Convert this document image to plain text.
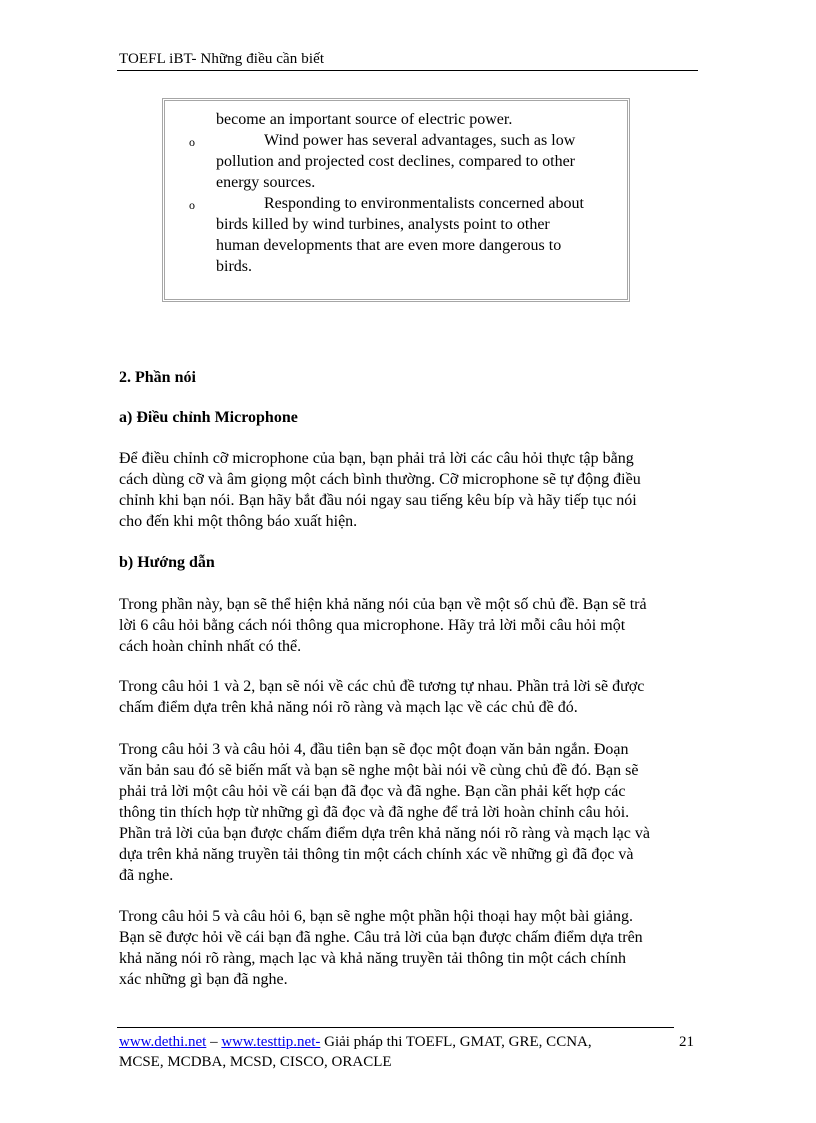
TOEFL iBT- Những điều cần biết
become an important source of electric power.
o	Wind power has several advantages, such as low
pollution and projected cost declines, compared to other
energy sources.
o	Responding to environmentalists concerned about
birds killed by wind turbines, analysts point to other
human developments that are even more dangerous to
birds.
2. Phần nói
a) Điều chỉnh Microphone
Để điều chỉnh cỡ microphone của bạn, bạn phải trả lời các câu hỏi thực tập bằng
cách dùng cỡ và âm giọng một cách bình thường. Cỡ microphone sẽ tự động điều
chỉnh khi bạn nói. Bạn hãy bắt đầu nói ngay sau tiếng kêu bíp và hãy tiếp tục nói
cho đến khi một thông báo xuất hiện.
b) Hướng dẫn
Trong phần này, bạn sẽ thể hiện khả năng nói của bạn về một số chủ đề. Bạn sẽ trả
lời 6 câu hỏi bằng cách nói thông qua microphone. Hãy trả lời mỗi câu hỏi một
cách hoàn chỉnh nhất có thể.
Trong câu hỏi 1 và 2, bạn sẽ nói về các chủ đề tương tự nhau. Phần trả lời sẽ được
chấm điểm dựa trên khả năng nói rõ ràng và mạch lạc về các chủ đề đó.
Trong câu hỏi 3 và câu hỏi 4, đầu tiên bạn sẽ đọc một đoạn văn bản ngắn. Đoạn
văn bản sau đó sẽ biến mất và bạn sẽ nghe một bài nói về cùng chủ đề đó. Bạn sẽ
phải trả lời một câu hỏi về cái bạn đã đọc và đã nghe. Bạn cần phải kết hợp các
thông tin thích hợp từ những gì đã đọc và đã nghe để trả lời hoàn chỉnh câu hỏi.
Phần trả lời của bạn được chấm điểm dựa trên khả năng nói rõ ràng và mạch lạc và
dựa trên khả năng truyền tải thông tin một cách chính xác về những gì đã đọc và
đã nghe.
Trong câu hỏi 5 và câu hỏi 6, bạn sẽ nghe một phần hội thoại hay một bài giảng.
Bạn sẽ được hỏi về cái bạn đã nghe. Câu trả lời của bạn được chấm điểm dựa trên
khả năng nói rõ ràng, mạch lạc và khả năng truyền tải thông tin một cách chính
xác những gì bạn đã nghe.
www.dethi.net – www.testtip.net- Giải pháp thi TOEFL, GMAT, GRE, CCNA,
MCSE, MCDBA, MCSD, CISCO, ORACLE
21
